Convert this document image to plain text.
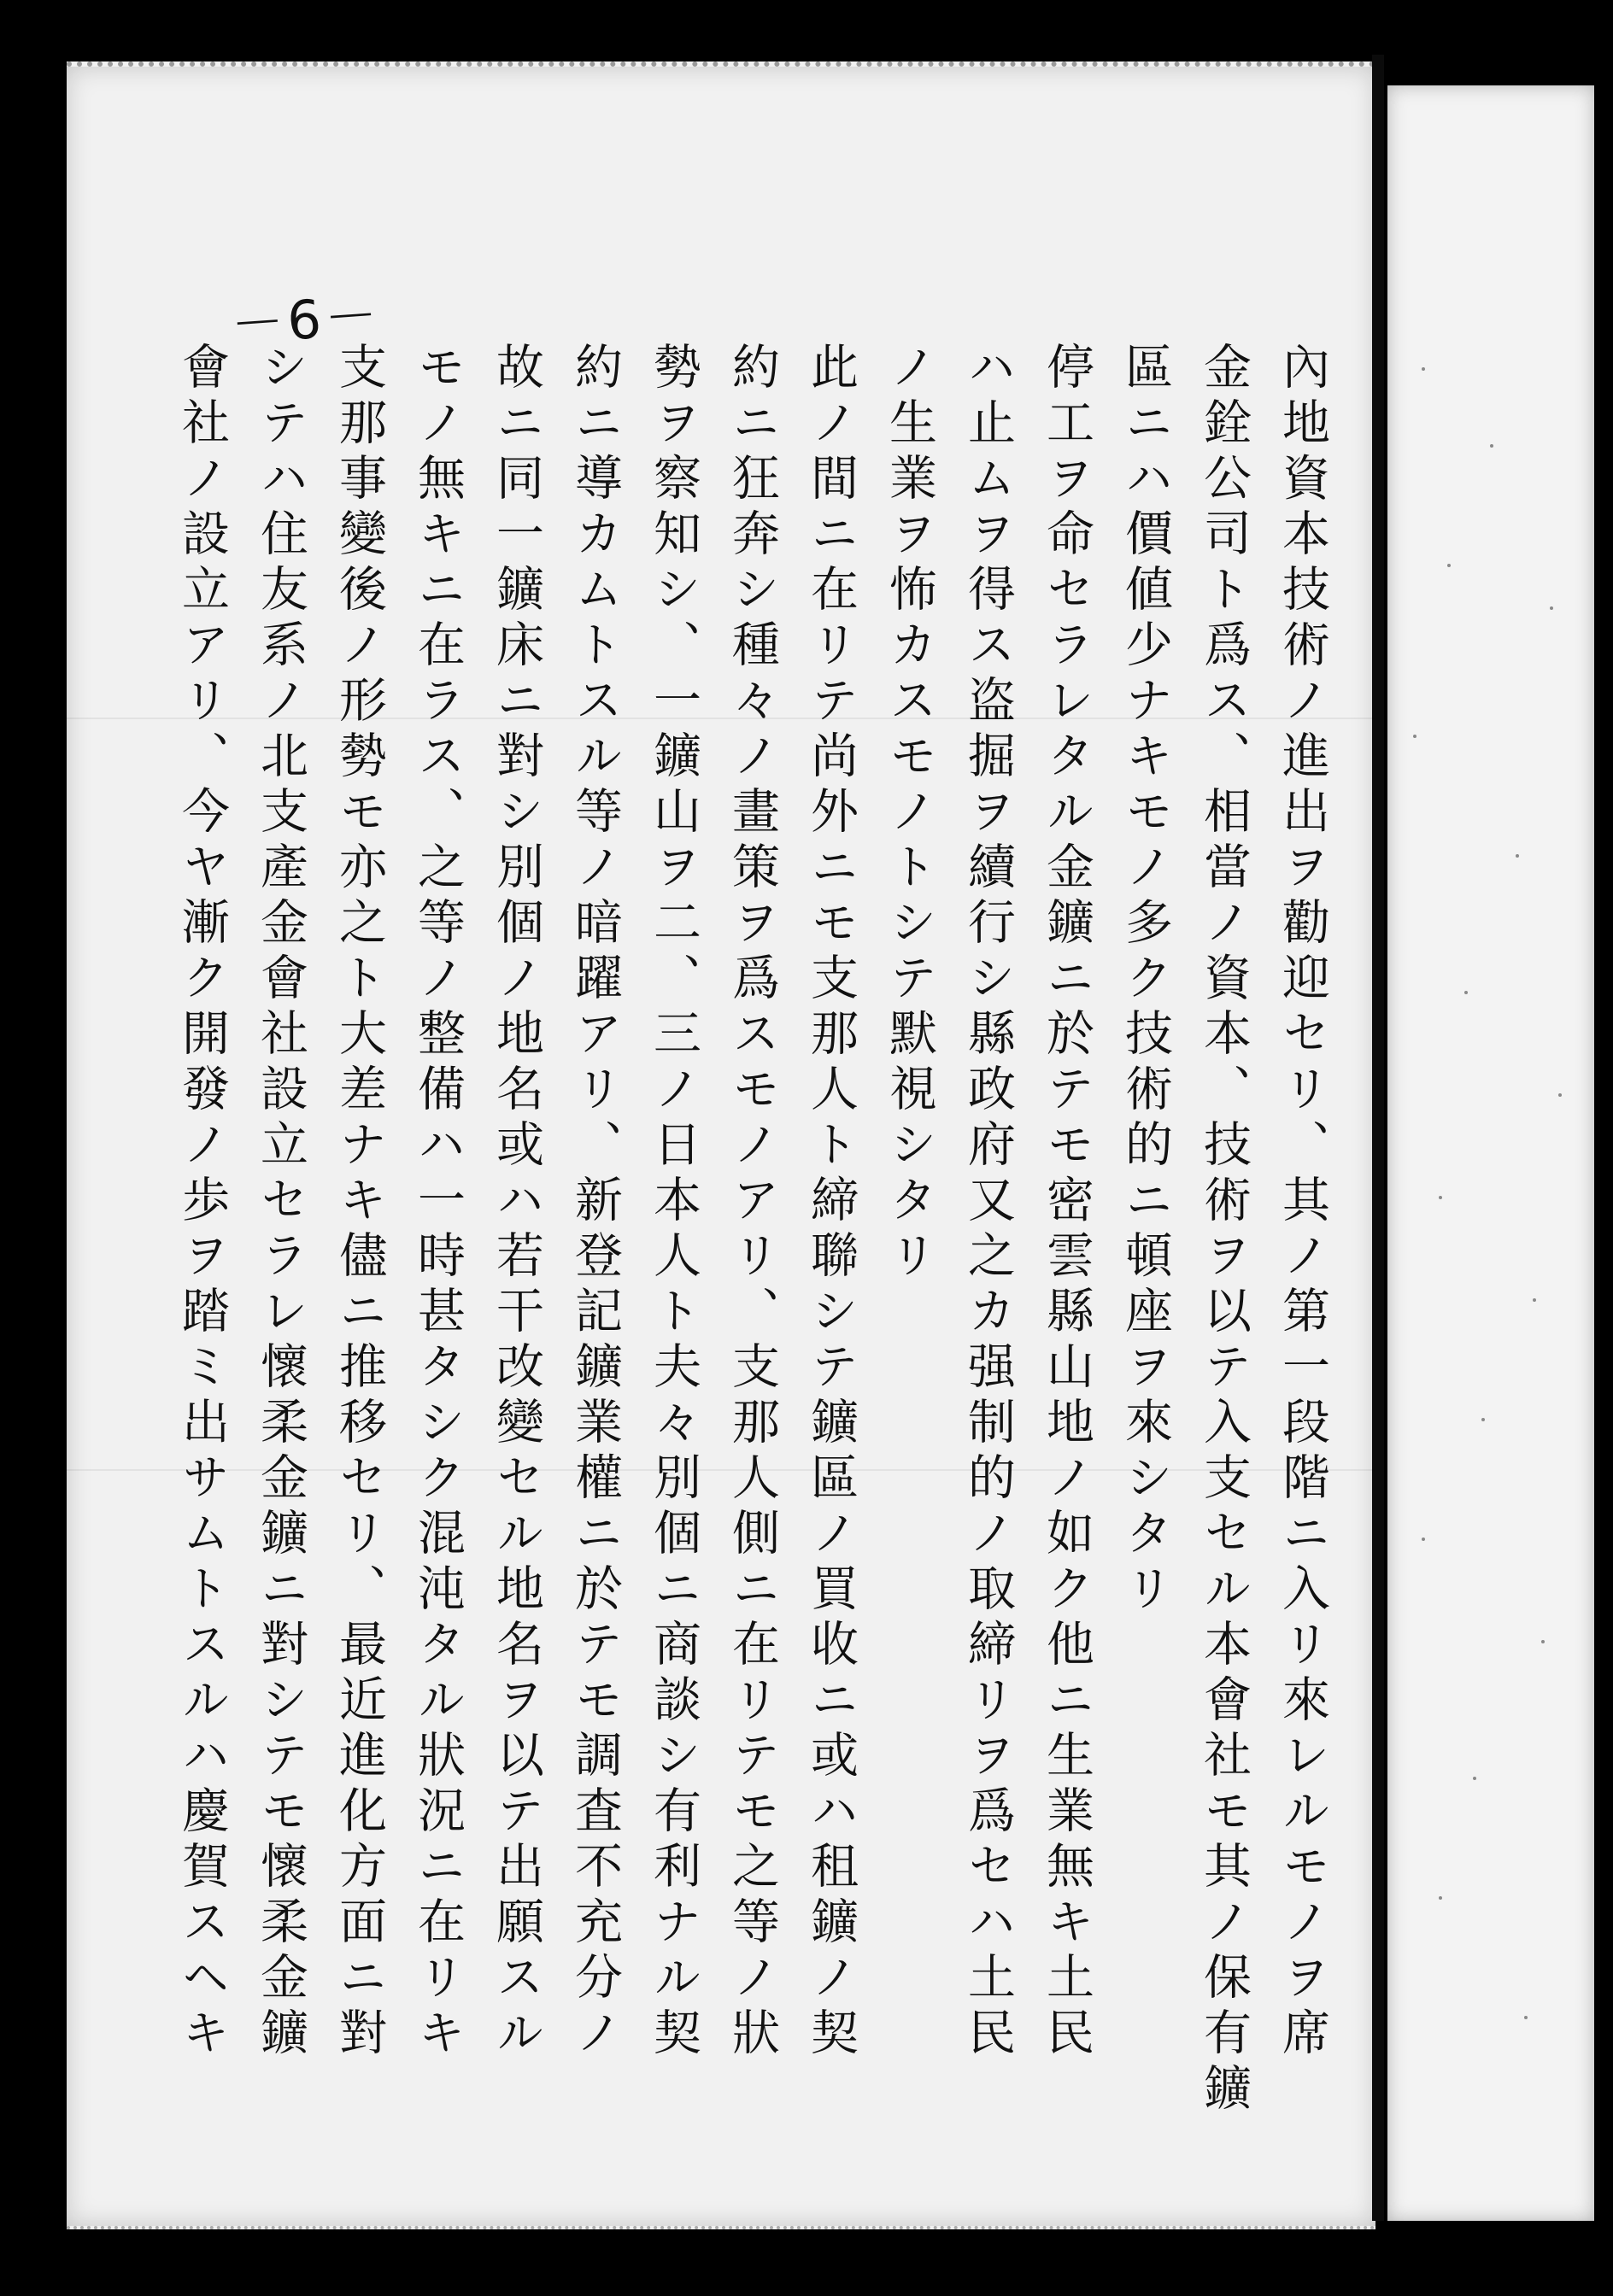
－6－
內地資本技術ノ進出ヲ勸迎セリ、其ノ第一段階ニ入リ來レルモノヲ席
金銓公司ト爲ス、相當ノ資本、技術ヲ以テ入支セル本會社モ其ノ保有鑛
區ニハ價値少ナキモノ多ク技術的ニ頓座ヲ來シタリ
停工ヲ命セラレタル金鑛ニ於テモ密雲縣山地ノ如ク他ニ生業無キ土民
ハ止ムヲ得ス盗掘ヲ續行シ縣政府又之カ强制的ノ取締リヲ爲セハ土民
ノ生業ヲ怖カスモノトシテ默視シタリ
此ノ間ニ在リテ尚外ニモ支那人ト締聯シテ鑛區ノ買收ニ或ハ租鑛ノ契
約ニ狂奔シ種々ノ畫策ヲ爲スモノアリ、支那人側ニ在リテモ之等ノ狀
勢ヲ察知シ、一鑛山ヲ二、三ノ日本人ト夫々別個ニ商談シ有利ナル契
約ニ導カムトスル等ノ暗躍アリ、新登記鑛業權ニ於テモ調査不充分ノ
故ニ同一鑛床ニ對シ別個ノ地名或ハ若干改變セル地名ヲ以テ出願スル
モノ無キニ在ラス、之等ノ整備ハ一時甚タシク混沌タル狀況ニ在リキ
支那事變後ノ形勢モ亦之ト大差ナキ儘ニ推移セリ、最近進化方面ニ對
シテハ住友系ノ北支產金會社設立セラレ懷柔金鑛ニ對シテモ懷柔金鑛
會社ノ設立アリ、今ヤ漸ク開發ノ歩ヲ踏ミ出サムトスルハ慶賀スヘキ
